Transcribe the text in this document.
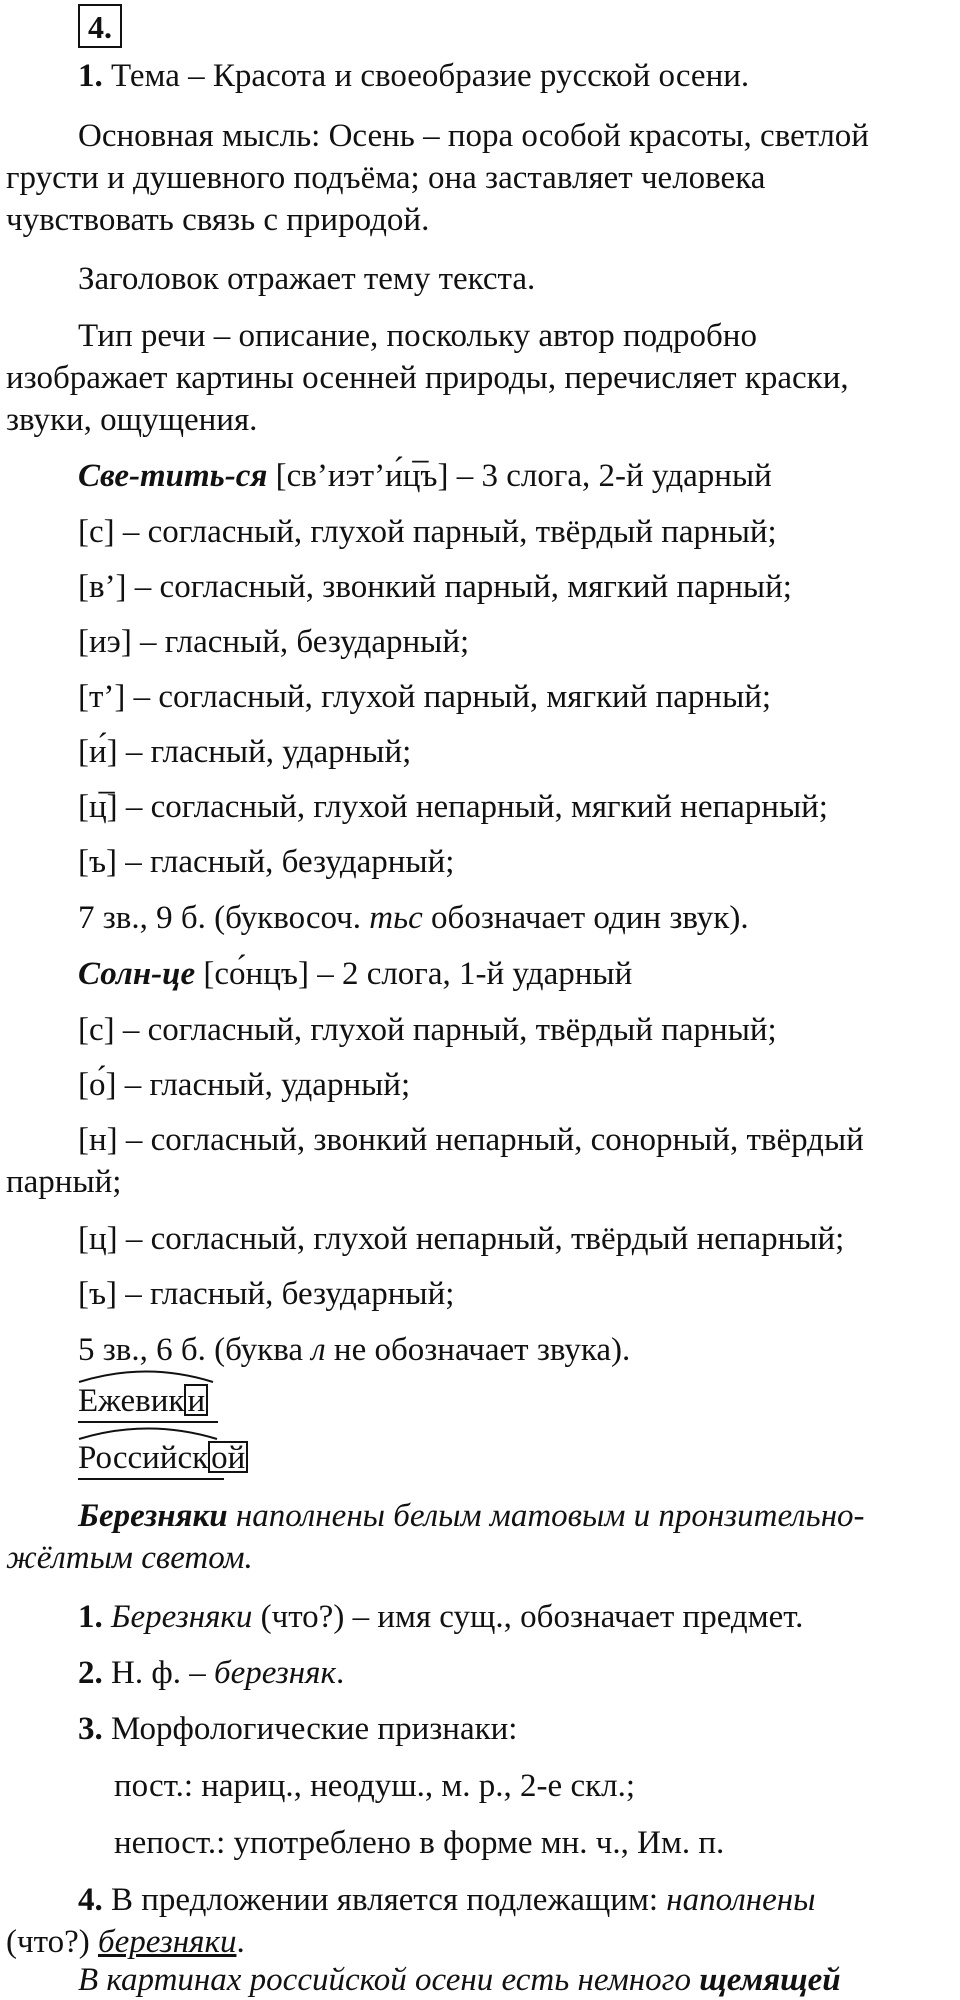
4.
1. Тема – Красота и своеобразие русской осени.
Основная мысль: Осень – пора особой красоты, светлой
грусти и душевного подъёма; она заставляет человека
чувствовать связь с природой.
Заголовок отражает тему текста.
Тип речи – описание, поскольку автор подробно
изображает картины осенней природы, перечисляет краски,
звуки, ощущения.
Све-тить-ся [св’иэт’и́ц̅ъ] – 3 слога, 2-й ударный
[с] – согласный, глухой парный, твёрдый парный;
[в’] – согласный, звонкий парный, мягкий парный;
[иэ] – гласный, безударный;
[т’] – согласный, глухой парный, мягкий парный;
[и́] – гласный, ударный;
[ц̅] – согласный, глухой непарный, мягкий непарный;
[ъ] – гласный, безударный;
7 зв., 9 б. (буквосоч. тьс обозначает один звук).
Солн-це [со́нцъ] – 2 слога, 1-й ударный
[с] – согласный, глухой парный, твёрдый парный;
[о́] – гласный, ударный;
[н] – согласный, звонкий непарный, сонорный, твёрдый
парный;
[ц] – согласный, глухой непарный, твёрдый непарный;
[ъ] – гласный, безударный;
5 зв., 6 б. (буква л не обозначает звука).
Ежевики
Российской
Березняки наполнены белым матовым и пронзительно-
жёлтым светом.
1. Березняки (что?) – имя сущ., обозначает предмет.
2. Н. ф. – березняк.
3. Морфологические признаки:
пост.: нариц., неодуш., м. р., 2-е скл.;
непост.: употреблено в форме мн. ч., Им. п.
4. В предложении является подлежащим: наполнены
(что?) березняки.
В картинах российской осени есть немного щемящей
